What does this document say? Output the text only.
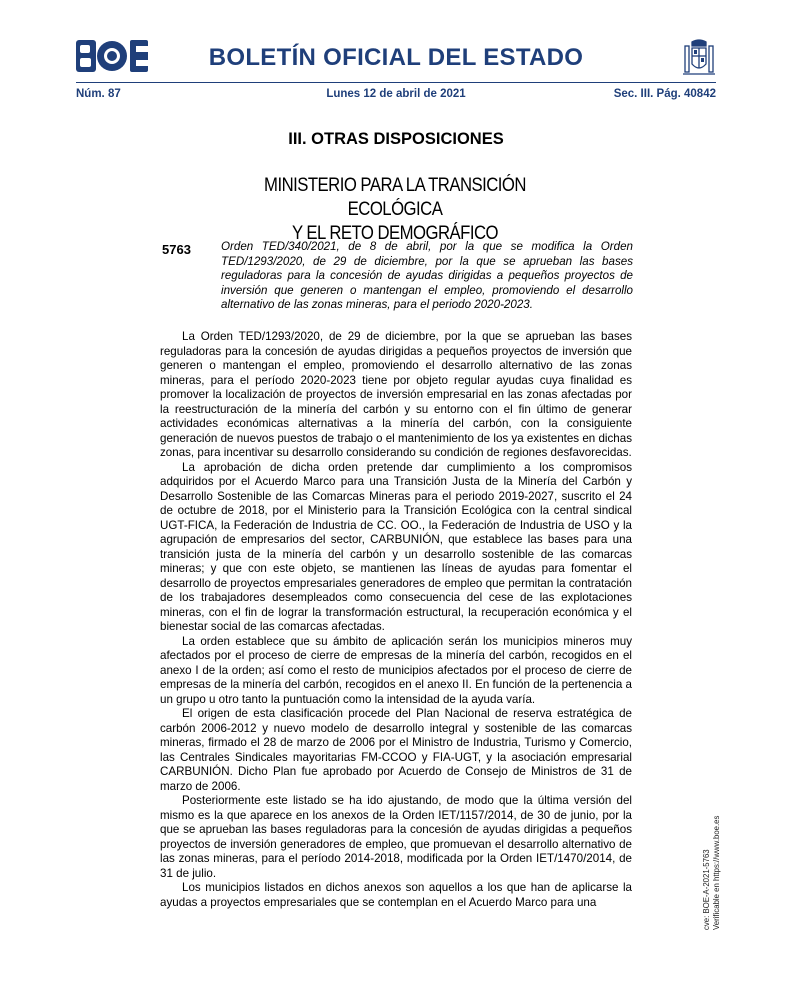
BOLETÍN OFICIAL DEL ESTADO
Núm. 87	Lunes 12 de abril de 2021	Sec. III. Pág. 40842
III. OTRAS DISPOSICIONES
MINISTERIO PARA LA TRANSICIÓN ECOLÓGICA
Y EL RETO DEMOGRÁFICO
5763	Orden TED/340/2021, de 8 de abril, por la que se modifica la Orden TED/1293/2020, de 29 de diciembre, por la que se aprueban las bases reguladoras para la concesión de ayudas dirigidas a pequeños proyectos de inversión que generen o mantengan el empleo, promoviendo el desarrollo alternativo de las zonas mineras, para el periodo 2020-2023.

La Orden TED/1293/2020, de 29 de diciembre, por la que se aprueban las bases reguladoras para la concesión de ayudas dirigidas a pequeños proyectos de inversión que generen o mantengan el empleo, promoviendo el desarrollo alternativo de las zonas mineras, para el período 2020-2023 tiene por objeto regular ayudas cuya finalidad es promover la localización de proyectos de inversión empresarial en las zonas afectadas por la reestructuración de la minería del carbón y su entorno con el fin último de generar actividades económicas alternativas a la minería del carbón, con la consiguiente generación de nuevos puestos de trabajo o el mantenimiento de los ya existentes en dichas zonas, para incentivar su desarrollo considerando su condición de regiones desfavorecidas.

La aprobación de dicha orden pretende dar cumplimiento a los compromisos adquiridos por el Acuerdo Marco para una Transición Justa de la Minería del Carbón y Desarrollo Sostenible de las Comarcas Mineras para el periodo 2019-2027, suscrito el 24 de octubre de 2018, por el Ministerio para la Transición Ecológica con la central sindical UGT-FICA, la Federación de Industria de CC. OO., la Federación de Industria de USO y la agrupación de empresarios del sector, CARBUNIÓN, que establece las bases para una transición justa de la minería del carbón y un desarrollo sostenible de las comarcas mineras; y que con este objeto, se mantienen las líneas de ayudas para fomentar el desarrollo de proyectos empresariales generadores de empleo que permitan la contratación de los trabajadores desempleados como consecuencia del cese de las explotaciones mineras, con el fin de lograr la transformación estructural, la recuperación económica y el bienestar social de las comarcas afectadas.

La orden establece que su ámbito de aplicación serán los municipios mineros muy afectados por el proceso de cierre de empresas de la minería del carbón, recogidos en el anexo I de la orden; así como el resto de municipios afectados por el proceso de cierre de empresas de la minería del carbón, recogidos en el anexo II. En función de la pertenencia a un grupo u otro tanto la puntuación como la intensidad de la ayuda varía.

El origen de esta clasificación procede del Plan Nacional de reserva estratégica de carbón 2006-2012 y nuevo modelo de desarrollo integral y sostenible de las comarcas mineras, firmado el 28 de marzo de 2006 por el Ministro de Industria, Turismo y Comercio, las Centrales Sindicales mayoritarias FM-CCOO y FIA-UGT, y la asociación empresarial CARBUNIÓN. Dicho Plan fue aprobado por Acuerdo de Consejo de Ministros de 31 de marzo de 2006.

Posteriormente este listado se ha ido ajustando, de modo que la última versión del mismo es la que aparece en los anexos de la Orden IET/1157/2014, de 30 de junio, por la que se aprueban las bases reguladoras para la concesión de ayudas dirigidas a pequeños proyectos de inversión generadores de empleo, que promuevan el desarrollo alternativo de las zonas mineras, para el período 2014-2018, modificada por la Orden IET/1470/2014, de 31 de julio.

Los municipios listados en dichos anexos son aquellos a los que han de aplicarse la ayudas a proyectos empresariales que se contemplan en el Acuerdo Marco para una	cve: BOE-A-2021-5763 Verificable en https://www.boe.es
